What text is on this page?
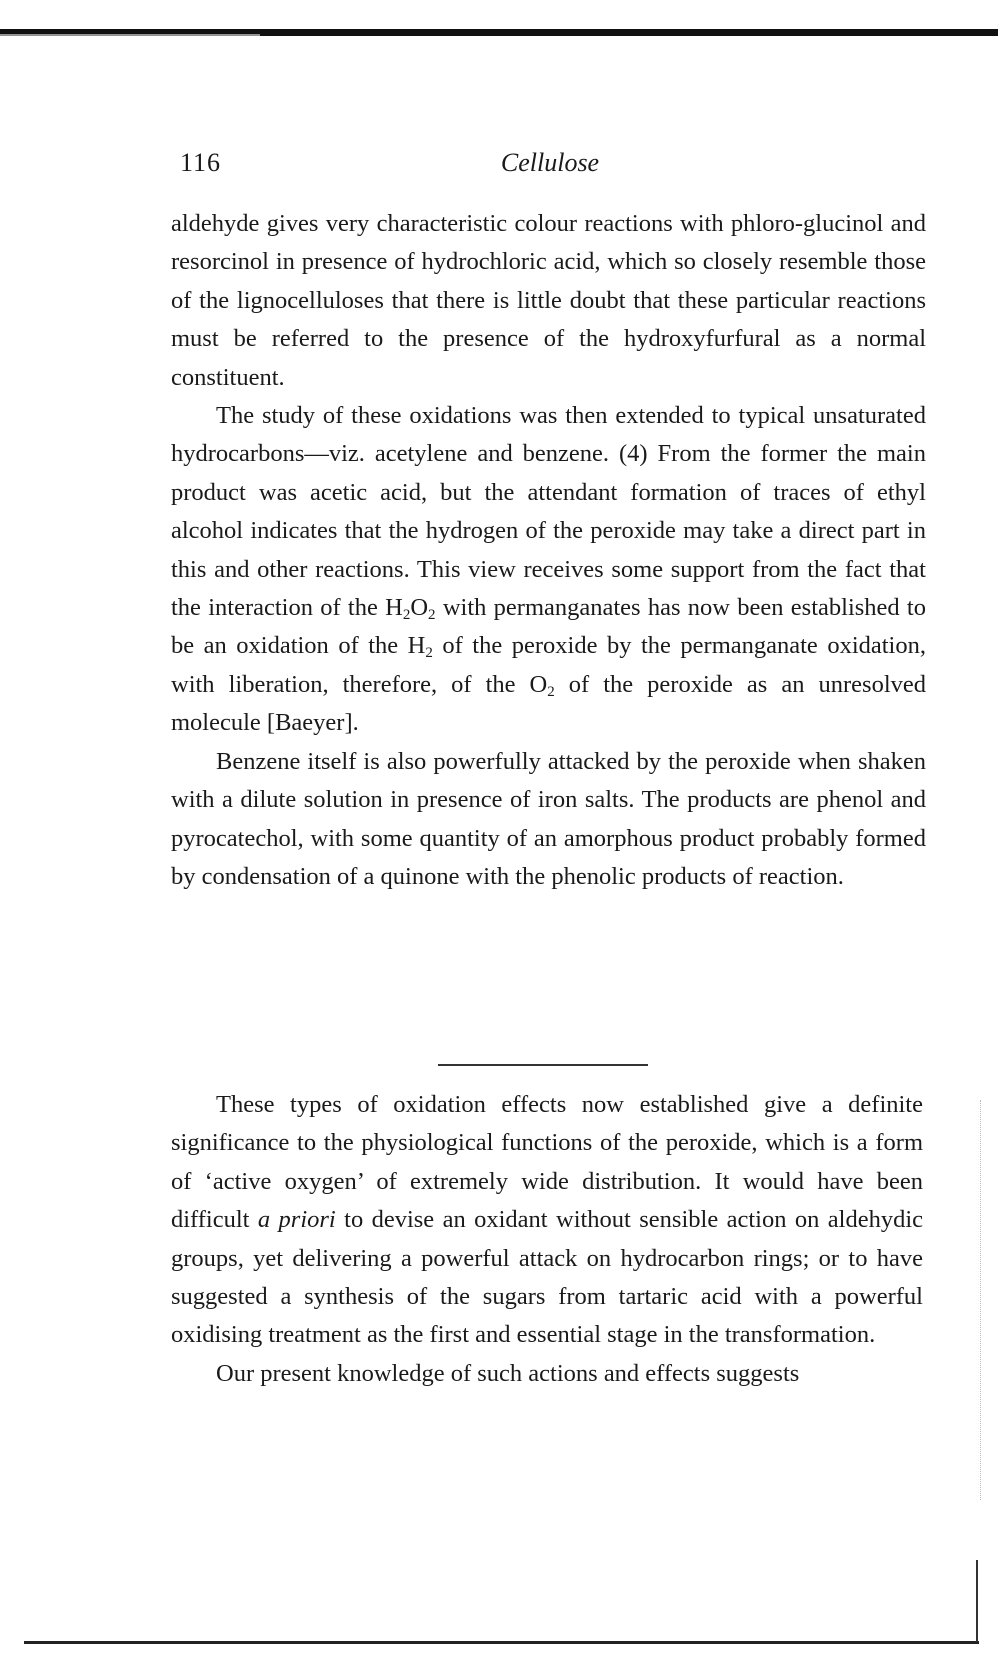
116	Cellulose

aldehyde gives very characteristic colour reactions with phloro-glucinol and resorcinol in presence of hydrochloric acid, which so closely resemble those of the lignocelluloses that there is little doubt that these particular reactions must be referred to the presence of the hydroxyfurfural as a normal constituent.

The study of these oxidations was then extended to typical unsaturated hydrocarbons—viz. acetylene and benzene. (4) From the former the main product was acetic acid, but the attendant formation of traces of ethyl alcohol indicates that the hydrogen of the peroxide may take a direct part in this and other reactions. This view receives some support from the fact that the interaction of the $H_2O_2$ with permanganates has now been established to be an oxidation of the $H_2$ of the peroxide by the permanganate oxidation, with liberation, therefore, of the $O_2$ of the peroxide as an unresolved molecule [Baeyer].

Benzene itself is also powerfully attacked by the peroxide when shaken with a dilute solution in presence of iron salts. The products are phenol and pyrocatechol, with some quantity of an amorphous product probably formed by condensation of a quinone with the phenolic products of reaction.

These types of oxidation effects now established give a definite significance to the physiological functions of the peroxide, which is a form of ‘active oxygen’ of extremely wide distribution. It would have been difficult a priori to devise an oxidant without sensible action on aldehydic groups, yet delivering a powerful attack on hydrocarbon rings; or to have suggested a synthesis of the sugars from tartaric acid with a powerful oxidising treatment as the first and essential stage in the transformation.

Our present knowledge of such actions and effects suggests
